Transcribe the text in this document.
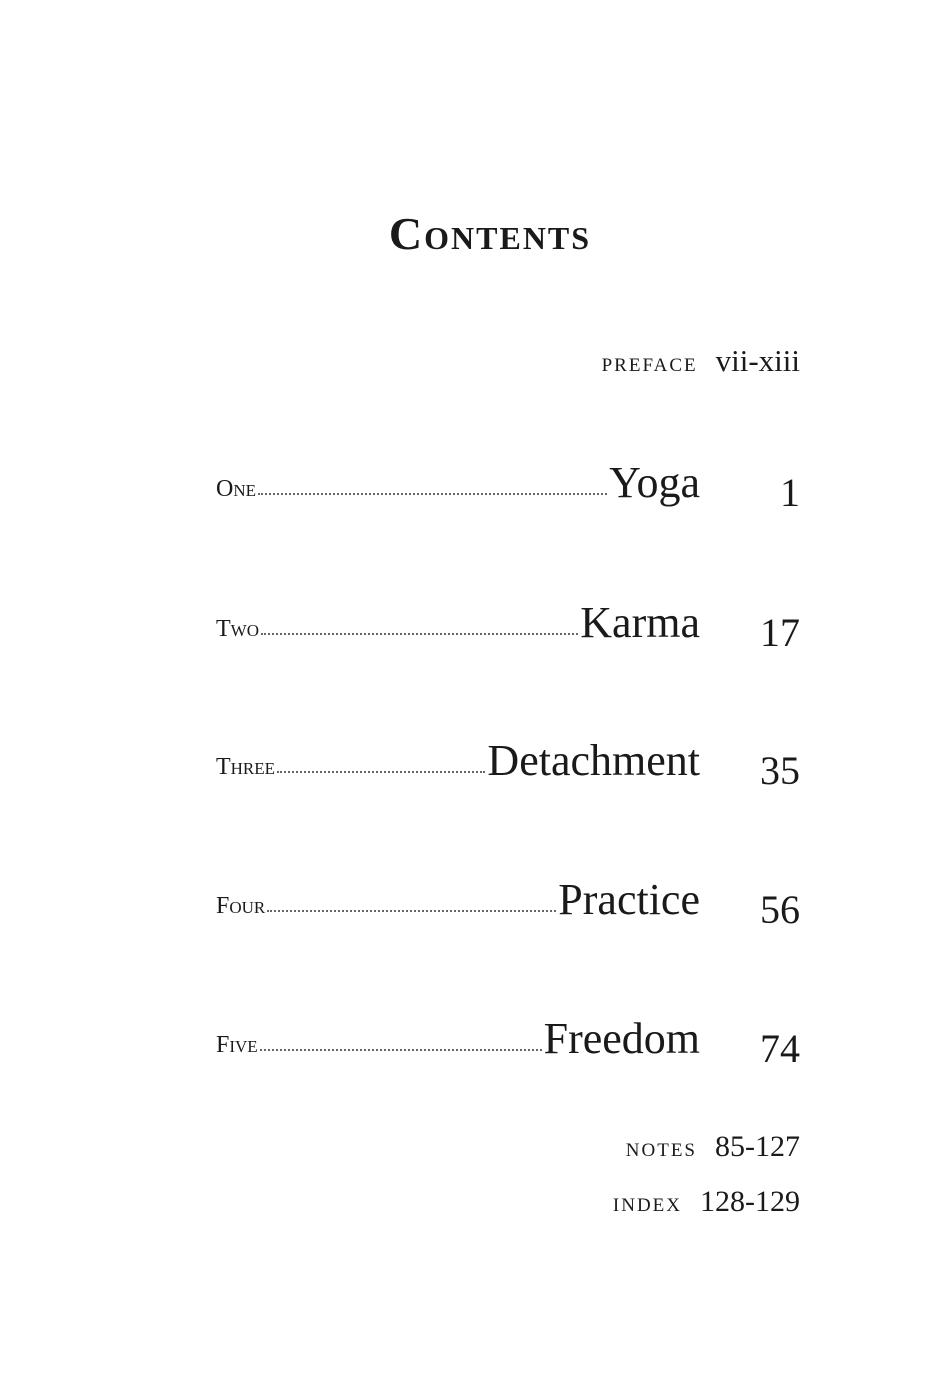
Contents
preface vii-xiii
One	Yoga 1
Two	Karma 17
Three	Detachment 35
Four	Practice 56
Five	Freedom 74
notes 85-127
index 128-129
